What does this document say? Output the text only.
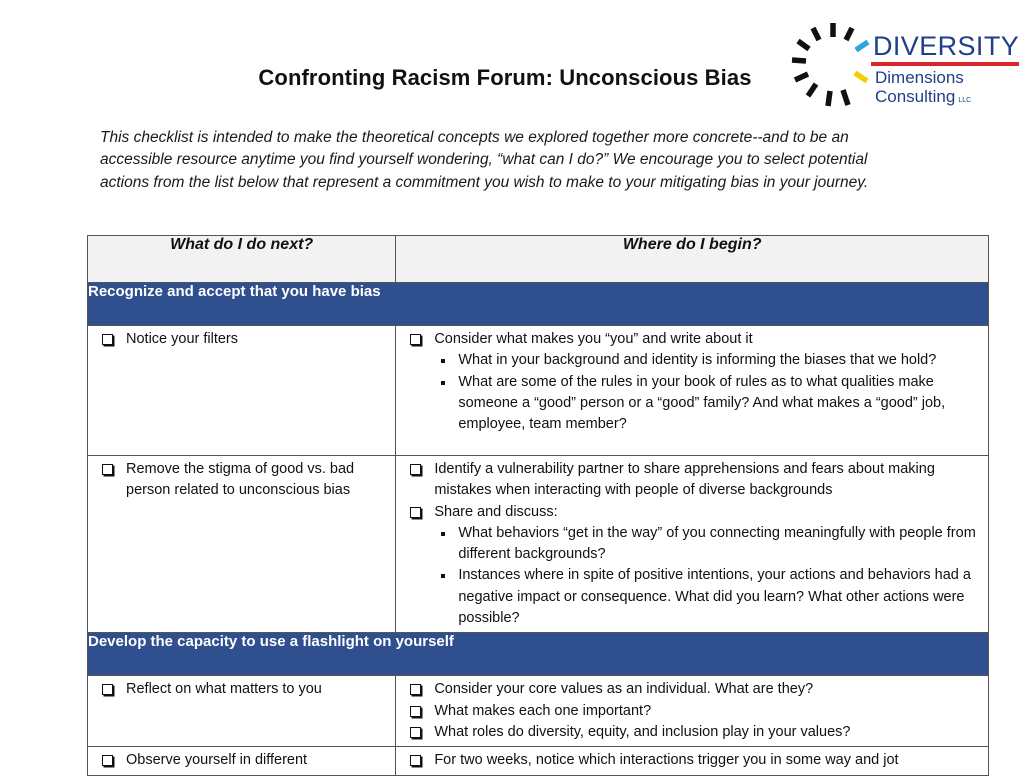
Confronting Racism Forum: Unconscious Bias
DIVERSITY
Dimensions
Consulting LLC
This checklist is intended to make the theoretical concepts we explored together more concrete--and to be an accessible resource anytime you find yourself wondering, “what can I do?” We encourage you to select potential actions from the list below that represent a commitment you wish to make to your mitigating bias in your journey.
What do I do next?	Where do I begin?
Recognize and accept that you have bias	

Notice your filters	Consider what makes you “you” and write about it
What in your background and identity is informing the biases that we hold?
What are some of the rules in your book of rules as to what qualities make someone a “good” person or a “good” family? And what makes a “good” job, employee, team member?

Remove the stigma of good vs. bad person related to unconscious bias	Identify a vulnerability partner to share apprehensions and fears about making mistakes when interacting with people of diverse backgrounds
Share and discuss:
What behaviors “get in the way” of you connecting meaningfully with people from different backgrounds?
Instances where in spite of positive intentions, your actions and behaviors had a negative impact or consequence. What did you learn? What other actions were possible?

Develop the capacity to use a flashlight on yourself	

Reflect on what matters to you	Consider your core values as an individual. What are they?
What makes each one important?
What roles do diversity, equity, and inclusion play in your values?

Observe yourself in different	For two weeks, notice which interactions trigger you in some way and jot
